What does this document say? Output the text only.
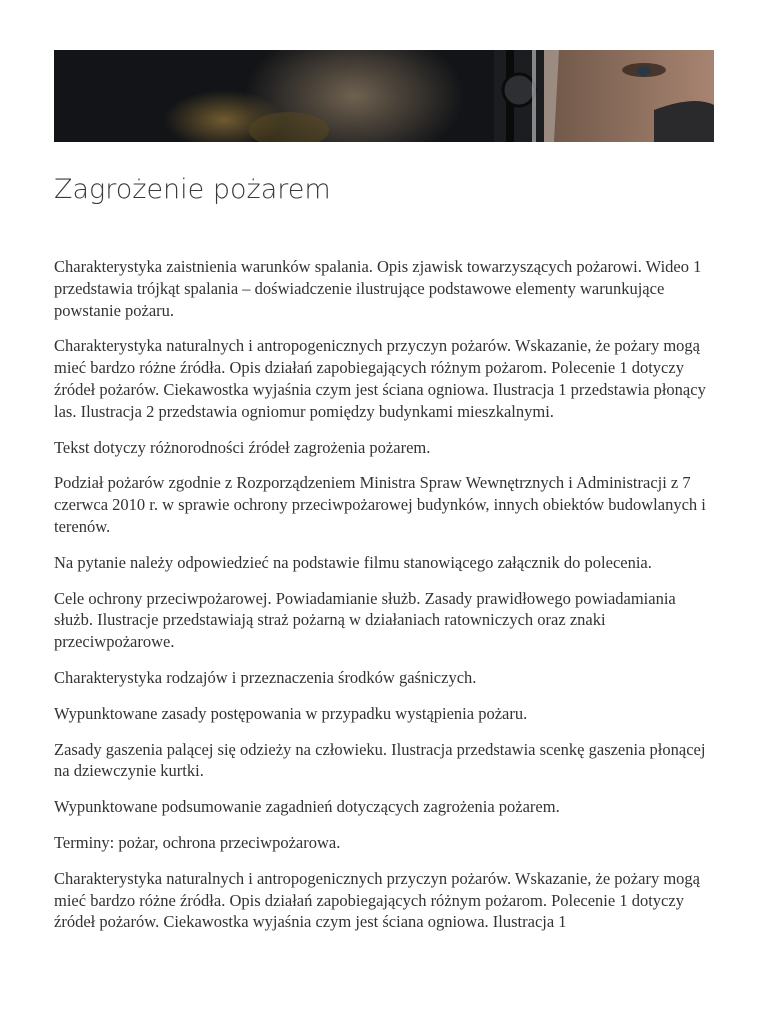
Zagrożenie pożarem

Charakterystyka zaistnienia warunków spalania. Opis zjawisk towarzyszących pożarowi. Wideo 1 przedstawia trójkąt spalania – doświadczenie ilustrujące podstawowe elementy warunkujące powstanie pożaru.

Charakterystyka naturalnych i antropogenicznych przyczyn pożarów. Wskazanie, że pożary mogą mieć bardzo różne źródła. Opis działań zapobiegających różnym pożarom. Polecenie 1 dotyczy źródeł pożarów. Ciekawostka wyjaśnia czym jest ściana ogniowa. Ilustracja 1 przedstawia płonący las. Ilustracja 2 przedstawia ogniomur pomiędzy budynkami mieszkalnymi.

Tekst dotyczy różnorodności źródeł zagrożenia pożarem.

Podział pożarów zgodnie z Rozporządzeniem Ministra Spraw Wewnętrznych i Administracji z 7 czerwca 2010 r. w sprawie ochrony przeciwpożarowej budynków, innych obiektów budowlanych i terenów.

Na pytanie należy odpowiedzieć na podstawie filmu stanowiącego załącznik do polecenia.

Cele ochrony przeciwpożarowej. Powiadamianie służb. Zasady prawidłowego powiadamiania służb. Ilustracje przedstawiają straż pożarną w działaniach ratowniczych oraz znaki przeciwpożarowe.

Charakterystyka rodzajów i przeznaczenia środków gaśniczych.

Wypunktowane zasady postępowania w przypadku wystąpienia pożaru.

Zasady gaszenia palącej się odzieży na człowieku. Ilustracja przedstawia scenkę gaszenia płonącej na dziewczynie kurtki.

Wypunktowane podsumowanie zagadnień dotyczących zagrożenia pożarem.

Terminy: pożar, ochrona przeciwpożarowa.

Charakterystyka naturalnych i antropogenicznych przyczyn pożarów. Wskazanie, że pożary mogą mieć bardzo różne źródła. Opis działań zapobiegających różnym pożarom. Polecenie 1 dotyczy źródeł pożarów. Ciekawostka wyjaśnia czym jest ściana ogniowa. Ilustracja 1
